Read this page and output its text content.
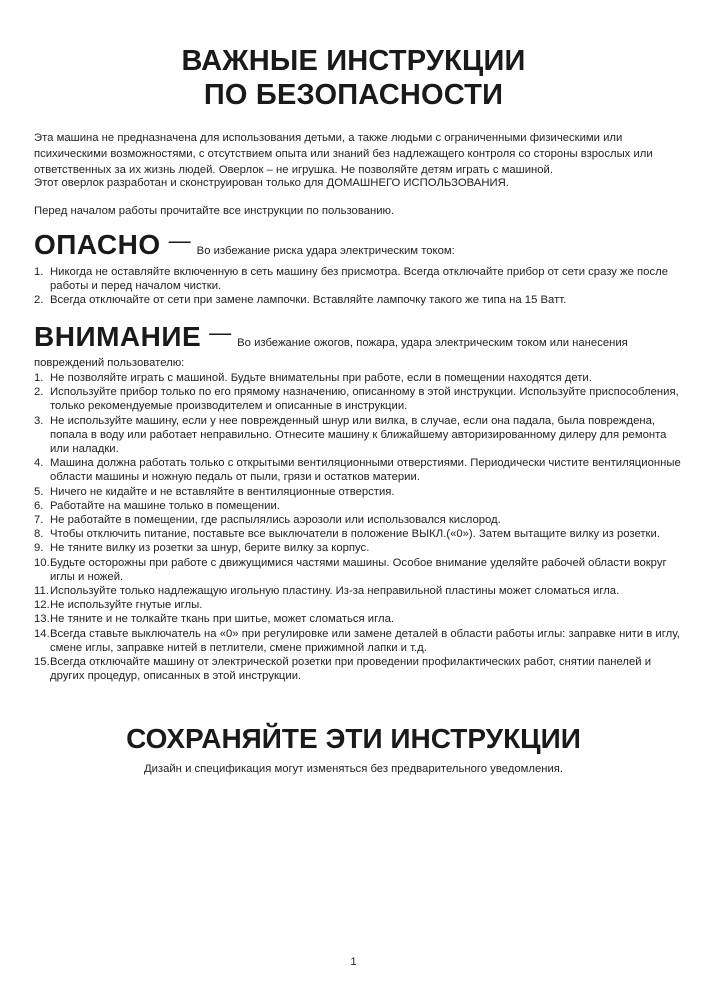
ВАЖНЫЕ ИНСТРУКЦИИ
ПО БЕЗОПАСНОСТИ

Эта машина не предназначена для использования детьми, а также людьми с ограниченными физическими или психическими возможностями, с отсутствием опыта или знаний без надлежащего контроля со стороны взрослых или ответственных за их жизнь людей. Оверлок – не игрушка. Не позволяйте детям играть с машиной.

Этот оверлок разработан и сконструирован только для ДОМАШНЕГО ИСПОЛЬЗОВАНИЯ.

Перед началом работы прочитайте все инструкции по пользованию.

ОПАСНО — Во избежание риска удара электрическим током:
1. Никогда не оставляйте включенную в сеть машину без присмотра. Всегда отключайте прибор от сети сразу же после работы и перед началом чистки.
2. Всегда отключайте от сети при замене лампочки. Вставляйте лампочку такого же типа на 15 Ватт.
ВНИМАНИЕ — Во избежание ожогов, пожара, удара электрическим током или нанесения

повреждений пользователю:

1. Не позволяйте играть с машиной. Будьте внимательны при работе, если в помещении находятся дети.
2. Используйте прибор только по его прямому назначению, описанному в этой инструкции. Используйте приспособления, только рекомендуемые производителем и описанные в инструкции.
3. Не используйте машину, если у нее поврежденный шнур или вилка, в случае, если она падала, была повреждена, попала в воду или работает неправильно. Отнесите машину к ближайшему авторизированному дилеру для ремонта или наладки.
4. Машина должна работать только с открытыми вентиляционными отверстиями. Периодически чистите вентиляционные области машины и ножную педаль от пыли, грязи и остатков материи.
5. Ничего не кидайте и не вставляйте в вентиляционные отверстия.
6. Работайте на машине только в помещении.
7. Не работайте в помещении, где распылялись аэрозоли или использовался кислород.
8. Чтобы отключить питание, поставьте все выключатели в положение ВЫКЛ.(«0»). Затем вытащите вилку из розетки.
9. Не тяните вилку из розетки за шнур, берите вилку за корпус.
10. Будьте осторожны при работе с движущимися частями машины. Особое внимание уделяйте рабочей области вокруг иглы и ножей.
11. Используйте только надлежащую игольную пластину. Из-за неправильной пластины может сломаться игла.
12. Не используйте гнутые иглы.
13. Не тяните и не толкайте ткань при шитье, может сломаться игла.
14. Всегда ставьте выключатель на «0» при регулировке или замене деталей в области работы иглы: заправке нити в иглу, смене иглы, заправке нитей в петлители, смене прижимной лапки и т.д.
15. Всегда отключайте машину от электрической розетки при проведении профилактических работ, снятии панелей и других процедур, описанных в этой инструкции.
СОХРАНЯЙТЕ ЭТИ ИНСТРУКЦИИ

Дизайн и спецификация могут изменяться без предварительного уведомления.

1
